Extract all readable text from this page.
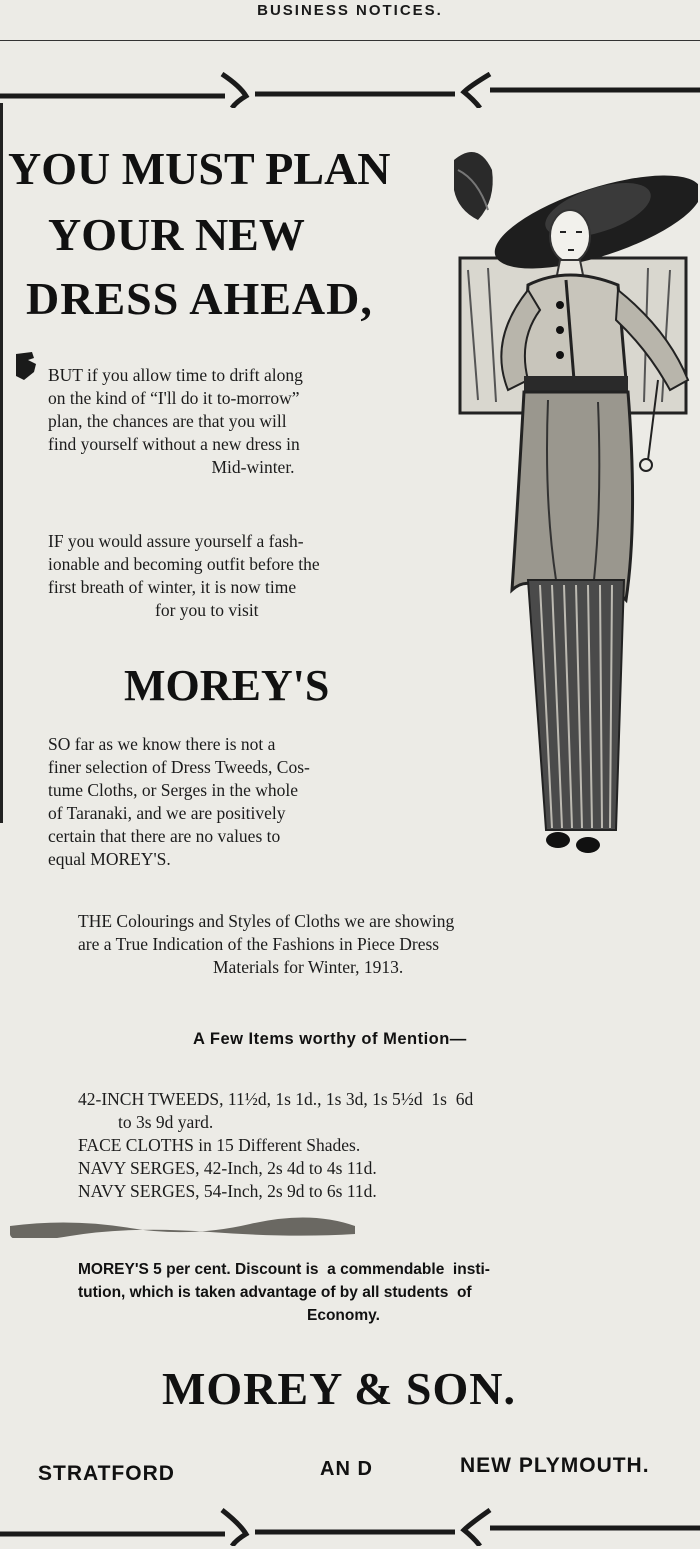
BUSINESS NOTICES.
YOU MUST PLAN
YOUR NEW
DRESS AHEAD,

BUT if you allow time to drift along

on the kind of “I'll do it to-morrow”

plan, the chances are that you will

find yourself without a new dress in

Mid-winter.

IF you would assure yourself a fash-

ionable and becoming outfit before the

first breath of winter, it is now time

for you to visit

MOREY'S

SO far as we know there is not a

finer selection of Dress Tweeds, Cos-

tume Cloths, or Serges in the whole

of Taranaki, and we are positively

certain that there are no values to

equal MOREY'S.

THE Colourings and Styles of Cloths we are showing

are a True Indication of the Fashions in Piece Dress

Materials for Winter, 1913.

A Few Items worthy of Mention—

42-INCH TWEEDS, 11½d, 1s 1d., 1s 3d, 1s 5½d  1s  6d

to 3s 9d yard.

FACE CLOTHS in 15 Different Shades.

NAVY SERGES, 42-Inch, 2s 4d to 4s 11d.

NAVY SERGES, 54-Inch, 2s 9d to 6s 11d.

MOREY'S 5 per cent. Discount is  a commendable  insti-

tution, which is taken advantage of by all students  of

Economy.

MOREY & SON.
STRATFORD	AN D	NEW PLYMOUTH.
